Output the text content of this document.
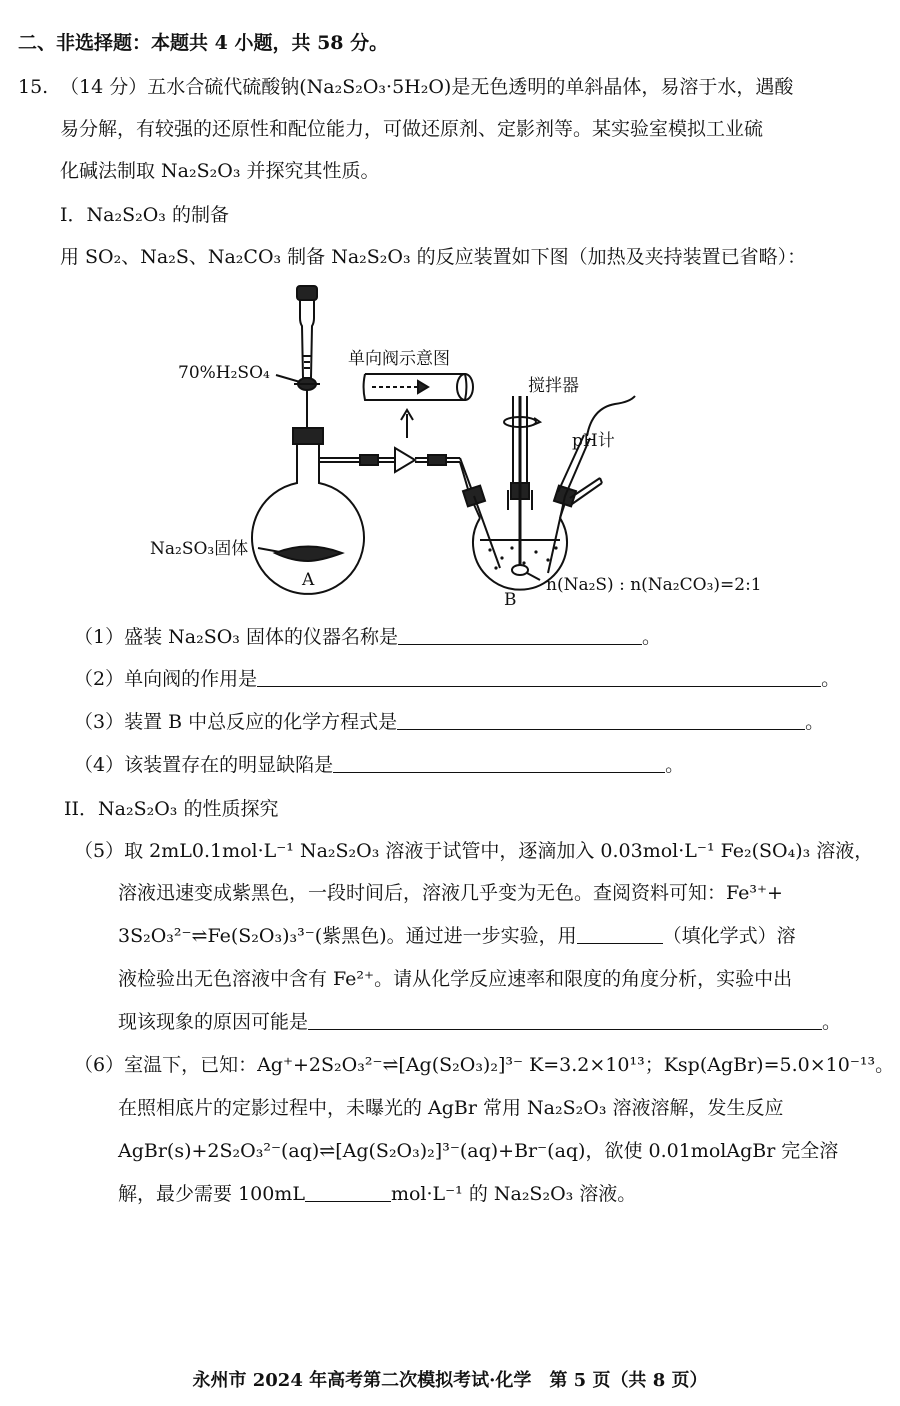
二、非选择题：本题共 4 小题，共 58 分。
15. （14 分）五水合硫代硫酸钠(Na₂S₂O₃·5H₂O)是无色透明的单斜晶体，易溶于水，遇酸
易分解，有较强的还原性和配位能力，可做还原剂、定影剂等。某实验室模拟工业硫
化碱法制取 Na₂S₂O₃ 并探究其性质。
Ⅰ．Na₂S₂O₃ 的制备
用 SO₂、Na₂S、Na₂CO₃ 制备 Na₂S₂O₃ 的反应装置如下图（加热及夹持装置已省略）：
70%H₂SO₄
单向阀示意图
搅拌器
pH计
Na₂SO₃固体
A
B
n(Na₂S) : n(Na₂CO₃)=2:1
（1）盛装 Na₂SO₃ 固体的仪器名称是	。
（2）单向阀的作用是	。
（3）装置 B 中总反应的化学方程式是	。
（4）该装置存在的明显缺陷是	。
II．Na₂S₂O₃ 的性质探究
（5）取 2mL0.1mol·L⁻¹ Na₂S₂O₃ 溶液于试管中，逐滴加入 0.03mol·L⁻¹ Fe₂(SO₄)₃ 溶液，
溶液迅速变成紫黑色，一段时间后，溶液几乎变为无色。查阅资料可知：Fe³⁺+
3S₂O₃²⁻⇌Fe(S₂O₃)₃³⁻(紫黑色)。通过进一步实验，用	（填化学式）溶
液检验出无色溶液中含有 Fe²⁺。请从化学反应速率和限度的角度分析，实验中出
现该现象的原因可能是	。
（6）室温下，已知：Ag⁺+2S₂O₃²⁻⇌[Ag(S₂O₃)₂]³⁻ K=3.2×10¹³；Ksp(AgBr)=5.0×10⁻¹³。
在照相底片的定影过程中，未曝光的 AgBr 常用 Na₂S₂O₃ 溶液溶解，发生反应
AgBr(s)+2S₂O₃²⁻(aq)⇌[Ag(S₂O₃)₂]³⁻(aq)+Br⁻(aq)，欲使 0.01molAgBr 完全溶
解，最少需要 100mL	mol·L⁻¹ 的 Na₂S₂O₃ 溶液。
永州市 2024 年高考第二次模拟考试·化学　第 5 页（共 8 页）
